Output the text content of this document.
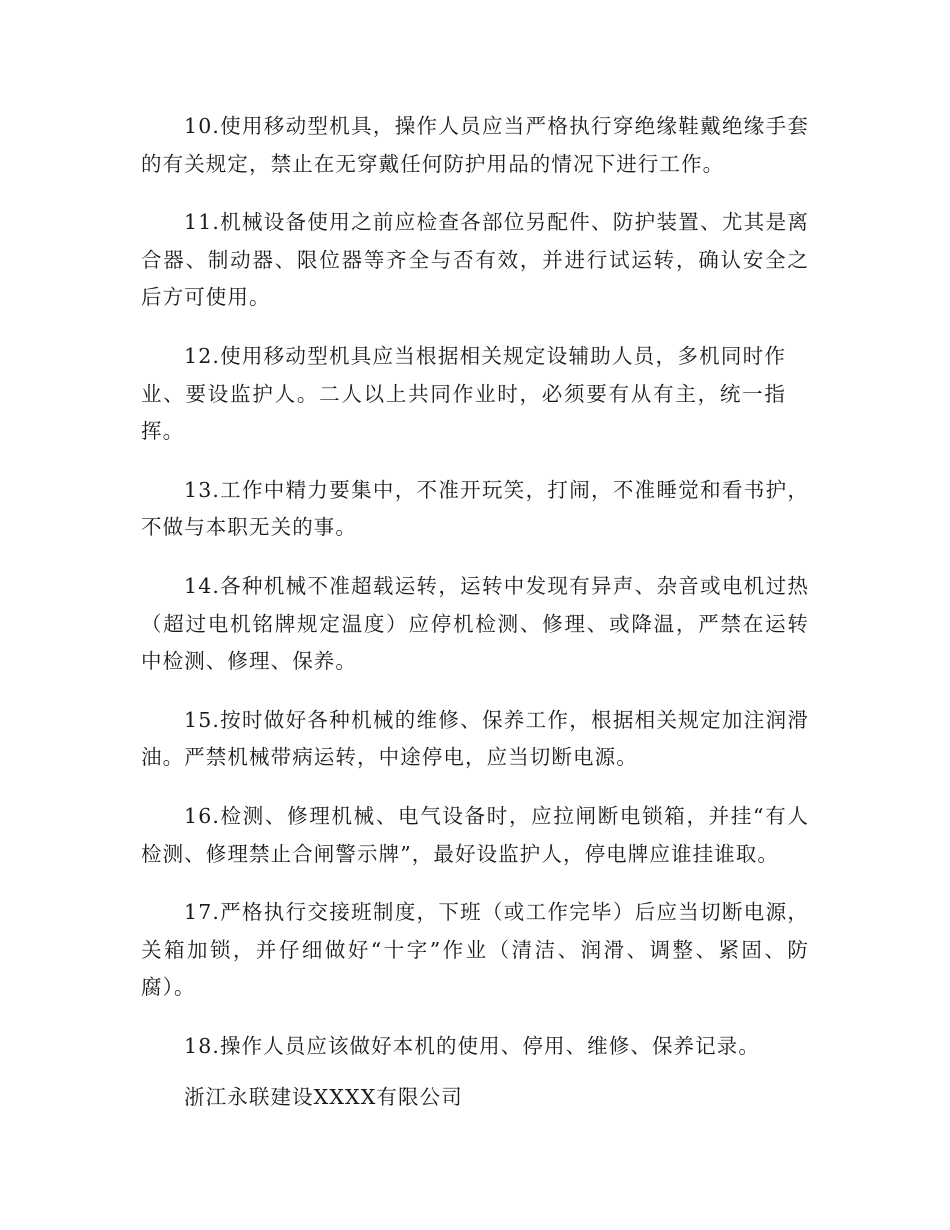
10.使用移动型机具，操作人员应当严格执行穿绝缘鞋戴绝缘手套的有关规定，禁止在无穿戴任何防护用品的情况下进行工作。

11.机械设备使用之前应检查各部位另配件、防护装置、尤其是离合器、制动器、限位器等齐全与否有效，并进行试运转，确认安全之后方可使用。

12.使用移动型机具应当根据相关规定设辅助人员，多机同时作业、要设监护人。二人以上共同作业时，必须要有从有主，统一指挥。

13.工作中精力要集中，不准开玩笑，打闹，不准睡觉和看书护，不做与本职无关的事。

14.各种机械不准超载运转，运转中发现有异声、杂音或电机过热（超过电机铭牌规定温度）应停机检测、修理、或降温，严禁在运转中检测、修理、保养。

15.按时做好各种机械的维修、保养工作，根据相关规定加注润滑油。严禁机械带病运转，中途停电，应当切断电源。

16.检测、修理机械、电气设备时，应拉闸断电锁箱，并挂“有人检测、修理禁止合闸警示牌”，最好设监护人，停电牌应谁挂谁取。

17.严格执行交接班制度，下班（或工作完毕）后应当切断电源，关箱加锁，并仔细做好“十字”作业（清洁、润滑、调整、紧固、防腐）。

18.操作人员应该做好本机的使用、停用、维修、保养记录。

浙江永联建设XXXX有限公司
